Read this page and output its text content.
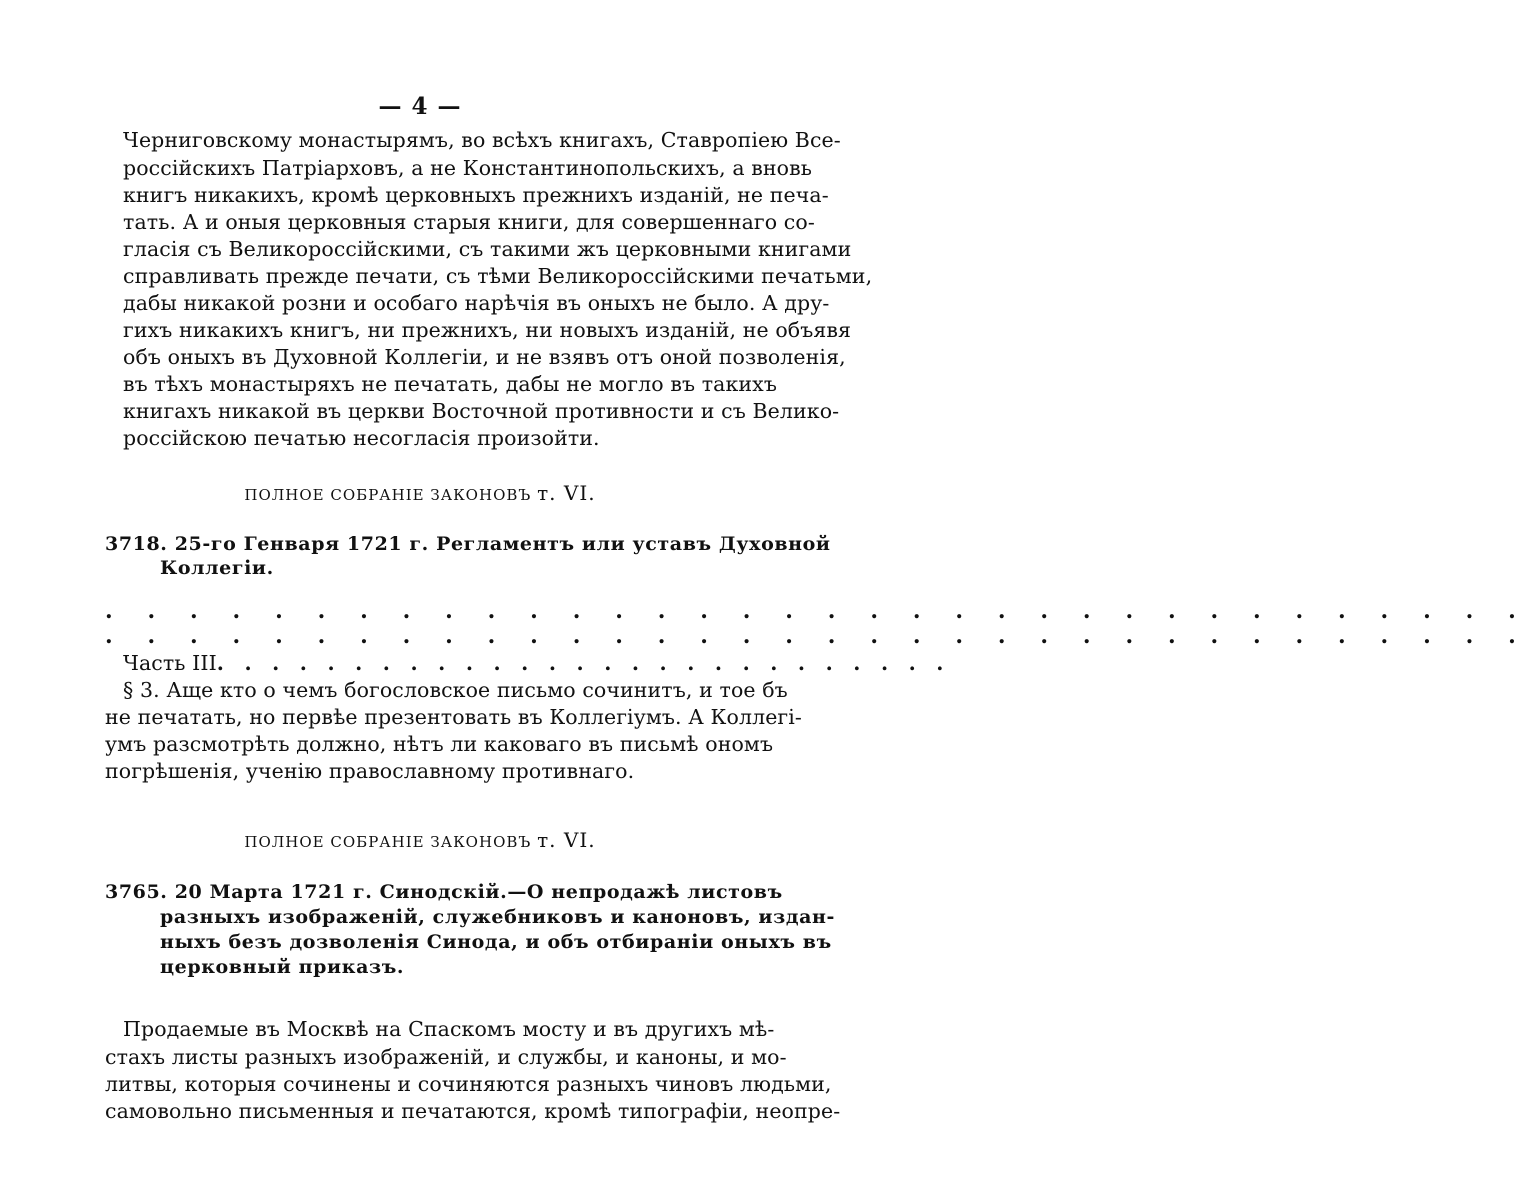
— 4 —
Черниговскому монастырямъ, во всѣхъ книгахъ, Ставропiею Все-
россiйскихъ Патрiарховъ, а не Константинопольскихъ, а вновь
книгъ никакихъ, кромѣ церковныхъ прежнихъ изданiй, не печа-
тать. А и оныя церковныя старыя книги, для совершеннаго со-
гласiя съ Великороссiйскими, съ такими жъ церковными книгами
справливать прежде печати, съ тѣми Великороссiйскими печатьми,
дабы никакой розни и особаго нарѣчiя въ оныхъ не было. А дру-
гихъ никакихъ книгъ, ни прежнихъ, ни новыхъ изданiй, не объявя
объ оныхъ въ Духовной Коллегiи, и не взявъ отъ оной позволенiя,
въ тѣхъ монастыряхъ не печатать, дабы не могло въ такихъ
книгахъ никакой въ церкви Восточной противности и съ Велико-
россiйскою печатью несогласiя произойти.
ПОЛНОЕ СОБРАНIЕ ЗАКОНОВЪ т. VI.
3718. 25-го Генваря 1721 г. Регламентъ или уставъ Духовной
Коллегiи.
. . . . . . . . . . . . . . . . . . . . . . . . . . . . . . . . . .
. . . . . . . . . . . . . . . . . . . . . . . . . . . . . . . . . .
Часть III. . . . . . . . . . . . . . . . . . . . . . . . . . .
§ 3. Аще кто о чемъ богословское письмо сочинитъ, и тое бъ
не печатать, но первѣе презентовать въ Коллегiумъ. А Коллегi-
умъ разсмотрѣть должно, нѣтъ ли каковаго въ письмѣ ономъ
погрѣшенiя, ученiю православному противнаго.
ПОЛНОЕ СОБРАНIЕ ЗАКОНОВЪ т. VI.
3765. 20 Марта 1721 г. Синодскiй.—О непродажѣ листовъ
разныхъ изображенiй, служебниковъ и каноновъ, издан-
ныхъ безъ дозволенiя Синода, и объ отбиранiи оныхъ въ
церковный приказъ.
Продаемые въ Москвѣ на Спаскомъ мосту и въ другихъ мѣ-
стахъ листы разныхъ изображенiй, и службы, и каноны, и мо-
литвы, которыя сочинены и сочиняются разныхъ чиновъ людьми,
самовольно письменныя и печатаются, кромѣ типографiи, неопре-
